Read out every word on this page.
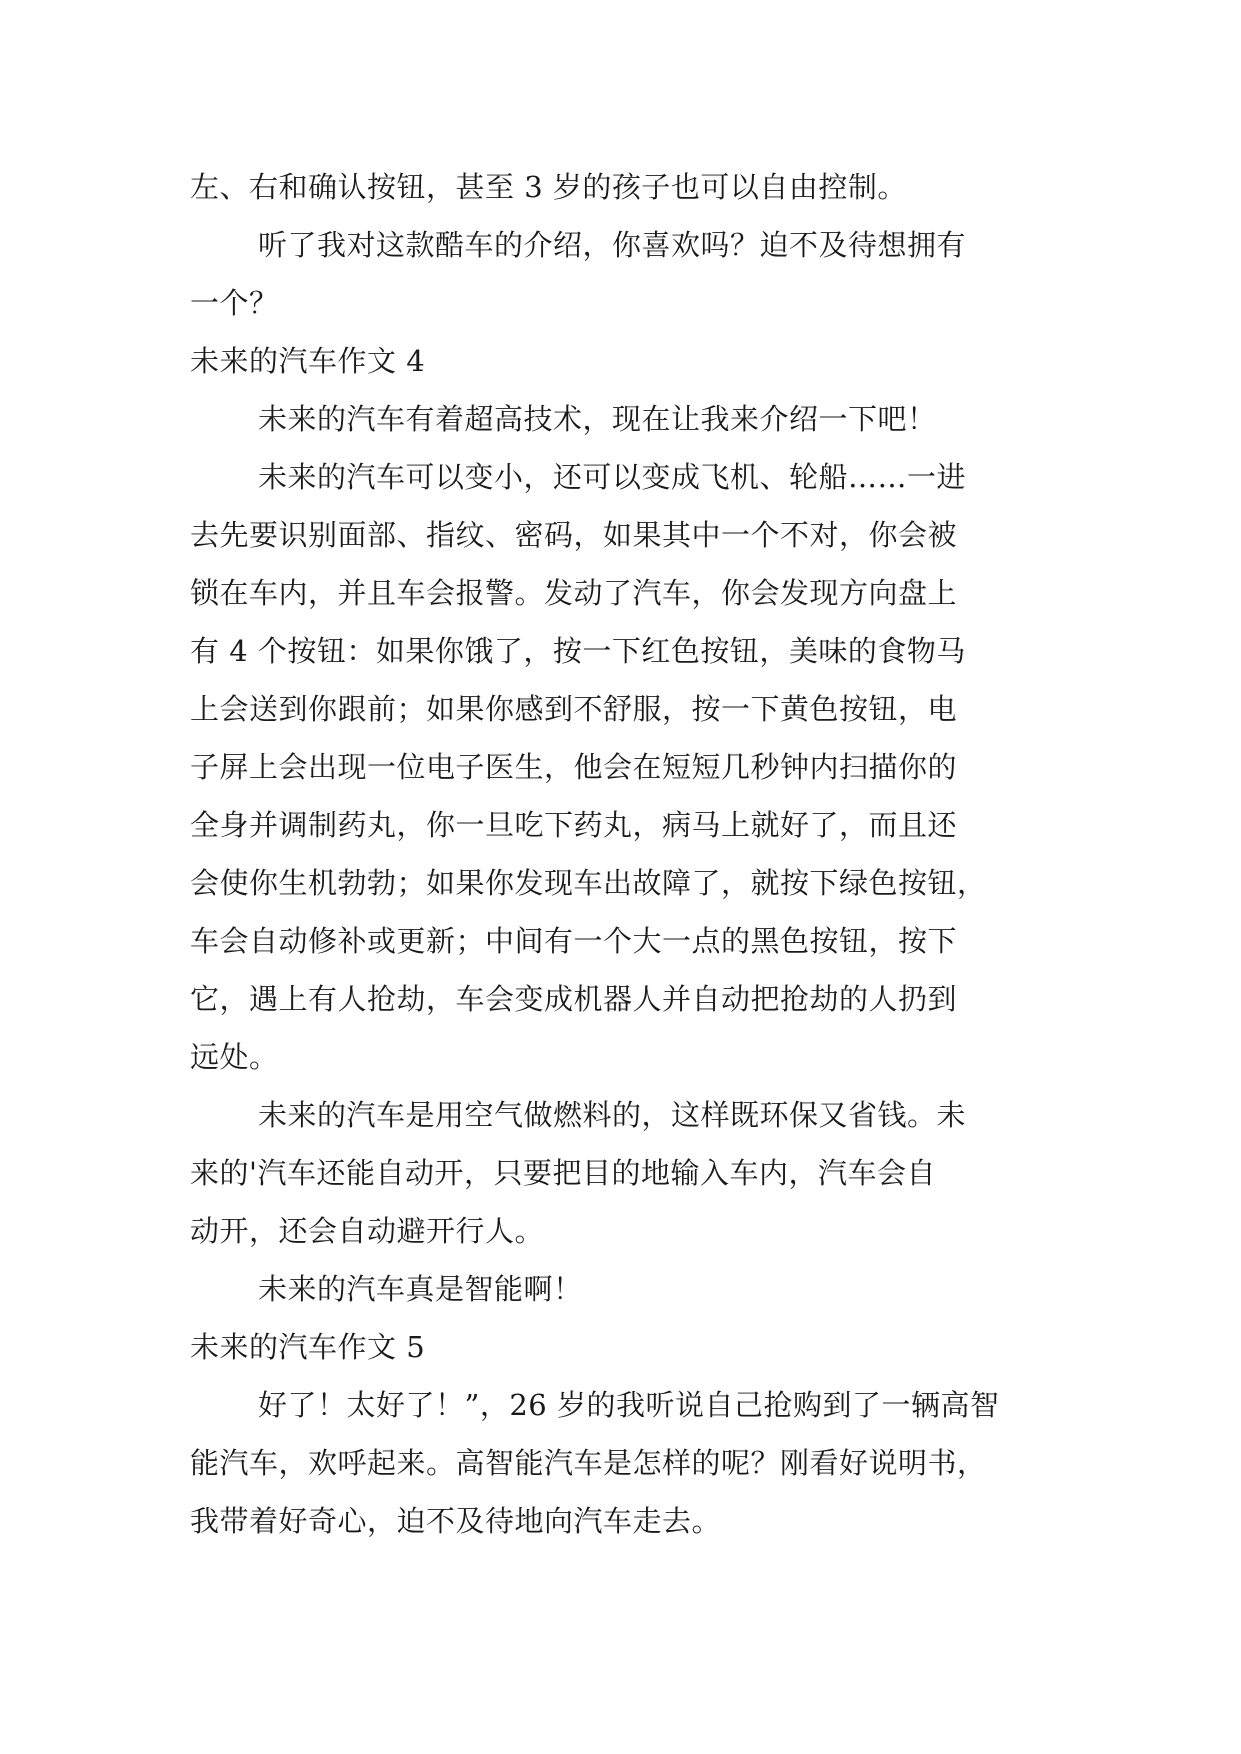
左、右和确认按钮，甚至 3 岁的孩子也可以自由控制。
听了我对这款酷车的介绍，你喜欢吗？迫不及待想拥有
一个？
未来的汽车作文 4
未来的汽车有着超高技术，现在让我来介绍一下吧！
未来的汽车可以变小，还可以变成飞机、轮船……一进
去先要识别面部、指纹、密码，如果其中一个不对，你会被
锁在车内，并且车会报警。发动了汽车，你会发现方向盘上
有 4 个按钮：如果你饿了，按一下红色按钮，美味的食物马
上会送到你跟前；如果你感到不舒服，按一下黄色按钮，电
子屏上会出现一位电子医生，他会在短短几秒钟内扫描你的
全身并调制药丸，你一旦吃下药丸，病马上就好了，而且还
会使你生机勃勃；如果你发现车出故障了，就按下绿色按钮，
车会自动修补或更新；中间有一个大一点的黑色按钮，按下
它，遇上有人抢劫，车会变成机器人并自动把抢劫的人扔到
远处。
未来的汽车是用空气做燃料的，这样既环保又省钱。未
来的'汽车还能自动开，只要把目的地输入车内，汽车会自
动开，还会自动避开行人。
未来的汽车真是智能啊！
未来的汽车作文 5
好了！太好了！”，26 岁的我听说自己抢购到了一辆高智
能汽车，欢呼起来。高智能汽车是怎样的呢？刚看好说明书，
我带着好奇心，迫不及待地向汽车走去。
